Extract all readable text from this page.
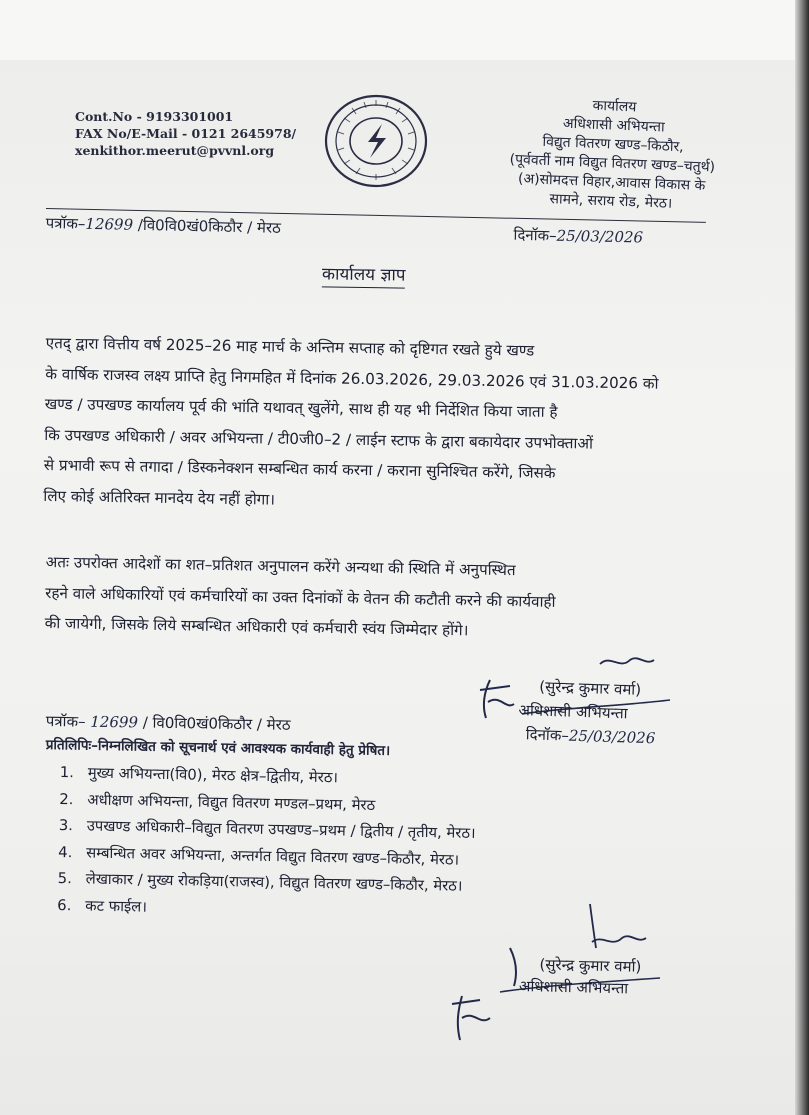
Cont.No - 9193301001
FAX No/E-Mail - 0121 2645978/
xenkithor.meerut@pvvnl.org
कार्यालय
अधिशासी अभियन्ता
विद्युत वितरण खण्ड–किठौर,
(पूर्ववर्ती नाम विद्युत वितरण खण्ड–चतुर्थ)
(अ)सोमदत्त विहार,आवास विकास के
सामने, सराय रोड, मेरठ।
पत्रॉक–12699 /वि0वि0खं0किठौर / मेरठ	दिनॉक–25/03/2026
कार्यालय ज्ञाप
एतद् द्वारा वित्तीय वर्ष 2025–26 माह मार्च के अन्तिम सप्ताह को दृष्टिगत रखते हुये खण्ड
के वार्षिक राजस्व लक्ष्य प्राप्ति हेतु निगमहित में दिनांक 26.03.2026, 29.03.2026 एवं 31.03.2026 को
खण्ड / उपखण्ड कार्यालय पूर्व की भांति यथावत् खुलेंगे, साथ ही यह भी निर्देशित किया जाता है
कि उपखण्ड अधिकारी / अवर अभियन्ता / टी0जी0–2 / लाईन स्टाफ के द्वारा बकायेदार उपभोक्ताओं
से प्रभावी रूप से तगादा / डिस्कनेक्शन सम्बन्धित कार्य करना / कराना सुनिश्चित करेंगे, जिसके
लिए कोई अतिरिक्त मानदेय देय नहीं होगा।
अतः उपरोक्त आदेशों का शत–प्रतिशत अनुपालन करेंगे अन्यथा की स्थिति में अनुपस्थित
रहने वाले अधिकारियों एवं कर्मचारियों का उक्त दिनांकों के वेतन की कटौती करने की कार्यवाही
की जायेगी, जिसके लिये सम्बन्धित अधिकारी एवं कर्मचारी स्वंय जिम्मेदार होंगे।
(सुरेन्द्र कुमार वर्मा)
अधिशासी अभियन्ता
दिनॉक–25/03/2026
पत्रॉक– 12699 / वि0वि0खं0किठौर / मेरठ
प्रतिलिपिः–निम्नलिखित को सूचनार्थ एवं आवश्यक कार्यवाही हेतु प्रेषित।
1. मुख्य अभियन्ता(वि0), मेरठ क्षेत्र–द्वितीय, मेरठ।
2. अधीक्षण अभियन्ता, विद्युत वितरण मण्डल–प्रथम, मेरठ
3. उपखण्ड अधिकारी–विद्युत वितरण उपखण्ड–प्रथम / द्वितीय / तृतीय, मेरठ।
4. सम्बन्धित अवर अभियन्ता, अन्तर्गत विद्युत वितरण खण्ड–किठौर, मेरठ।
5. लेखाकार / मुख्य रोकड़िया(राजस्व), विद्युत वितरण खण्ड–किठौर, मेरठ।
6. कट फाईल।
(सुरेन्द्र कुमार वर्मा)
अधिशासी अभियन्ता
